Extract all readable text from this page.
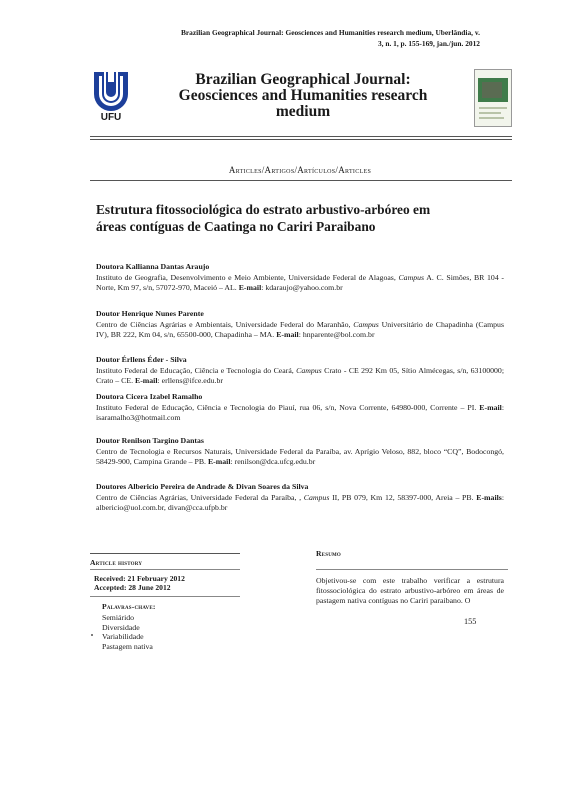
Brazilian Geographical Journal: Geosciences and Humanities research medium, Uberlândia, v.
3, n. 1, p. 155-169, jan./jun. 2012
UFU
Brazilian Geographical Journal:
Geosciences and Humanities research
medium
Articles/Artigos/Artículos/Articles
Estrutura fitossociológica do estrato arbustivo-arbóreo em
áreas contíguas de Caatinga no Cariri Paraibano
Doutora Kallianna Dantas Araujo
Instituto de Geografia, Desenvolvimento e Meio Ambiente, Universidade Federal de Alagoas, Campus A. C. Simões, BR 104 - Norte, Km 97, s/n, 57072-970, Maceió – AL. E-mail: kdaraujo@yahoo.com.br
Doutor Henrique Nunes Parente
Centro de Ciências Agrárias e Ambientais, Universidade Federal do Maranhão, Campus Universitário de Chapadinha (Campus IV), BR 222, Km 04, s/n, 65500-000, Chapadinha – MA. E-mail: hnparente@bol.com.br
Doutor Érllens Éder - Silva
Instituto Federal de Educação, Ciência e Tecnologia do Ceará, Campus Crato - CE 292 Km 05, Sítio Almécegas, s/n, 63100000; Crato – CE. E-mail: erllens@ifce.edu.br
Doutora Cicera Izabel Ramalho
Instituto Federal de Educação, Ciência e Tecnologia do Piauí, rua 06, s/n, Nova Corrente, 64980-000, Corrente – PI. E-mail: isaramalho3@hotmail.com
Doutor Renilson Targino Dantas
Centro de Tecnologia e Recursos Naturais, Universidade Federal da Paraíba, av. Aprígio Veloso, 882, bloco “CQ”, Bodocongó, 58429-900, Campina Grande – PB. E-mail: renilson@dca.ufcg.edu.br
Doutores Albericio Pereira de Andrade & Divan Soares da Silva
Centro de Ciências Agrárias, Universidade Federal da Paraíba, , Campus II, PB 079, Km 12, 58397-000, Areia – PB. E-mails: albericio@uol.com.br, divan@cca.ufpb.br
Article history
Received: 21 February 2012
Accepted: 28 June 2012
Palavras-chave:
Semiárido
Diversidade
Variabilidade
Pastagem nativa
Resumo
Objetivou-se com este trabalho verificar a estrutura fitossociológica do estrato arbustivo-arbóreo em áreas de pastagem nativa contíguas no Cariri paraibano. O
155
